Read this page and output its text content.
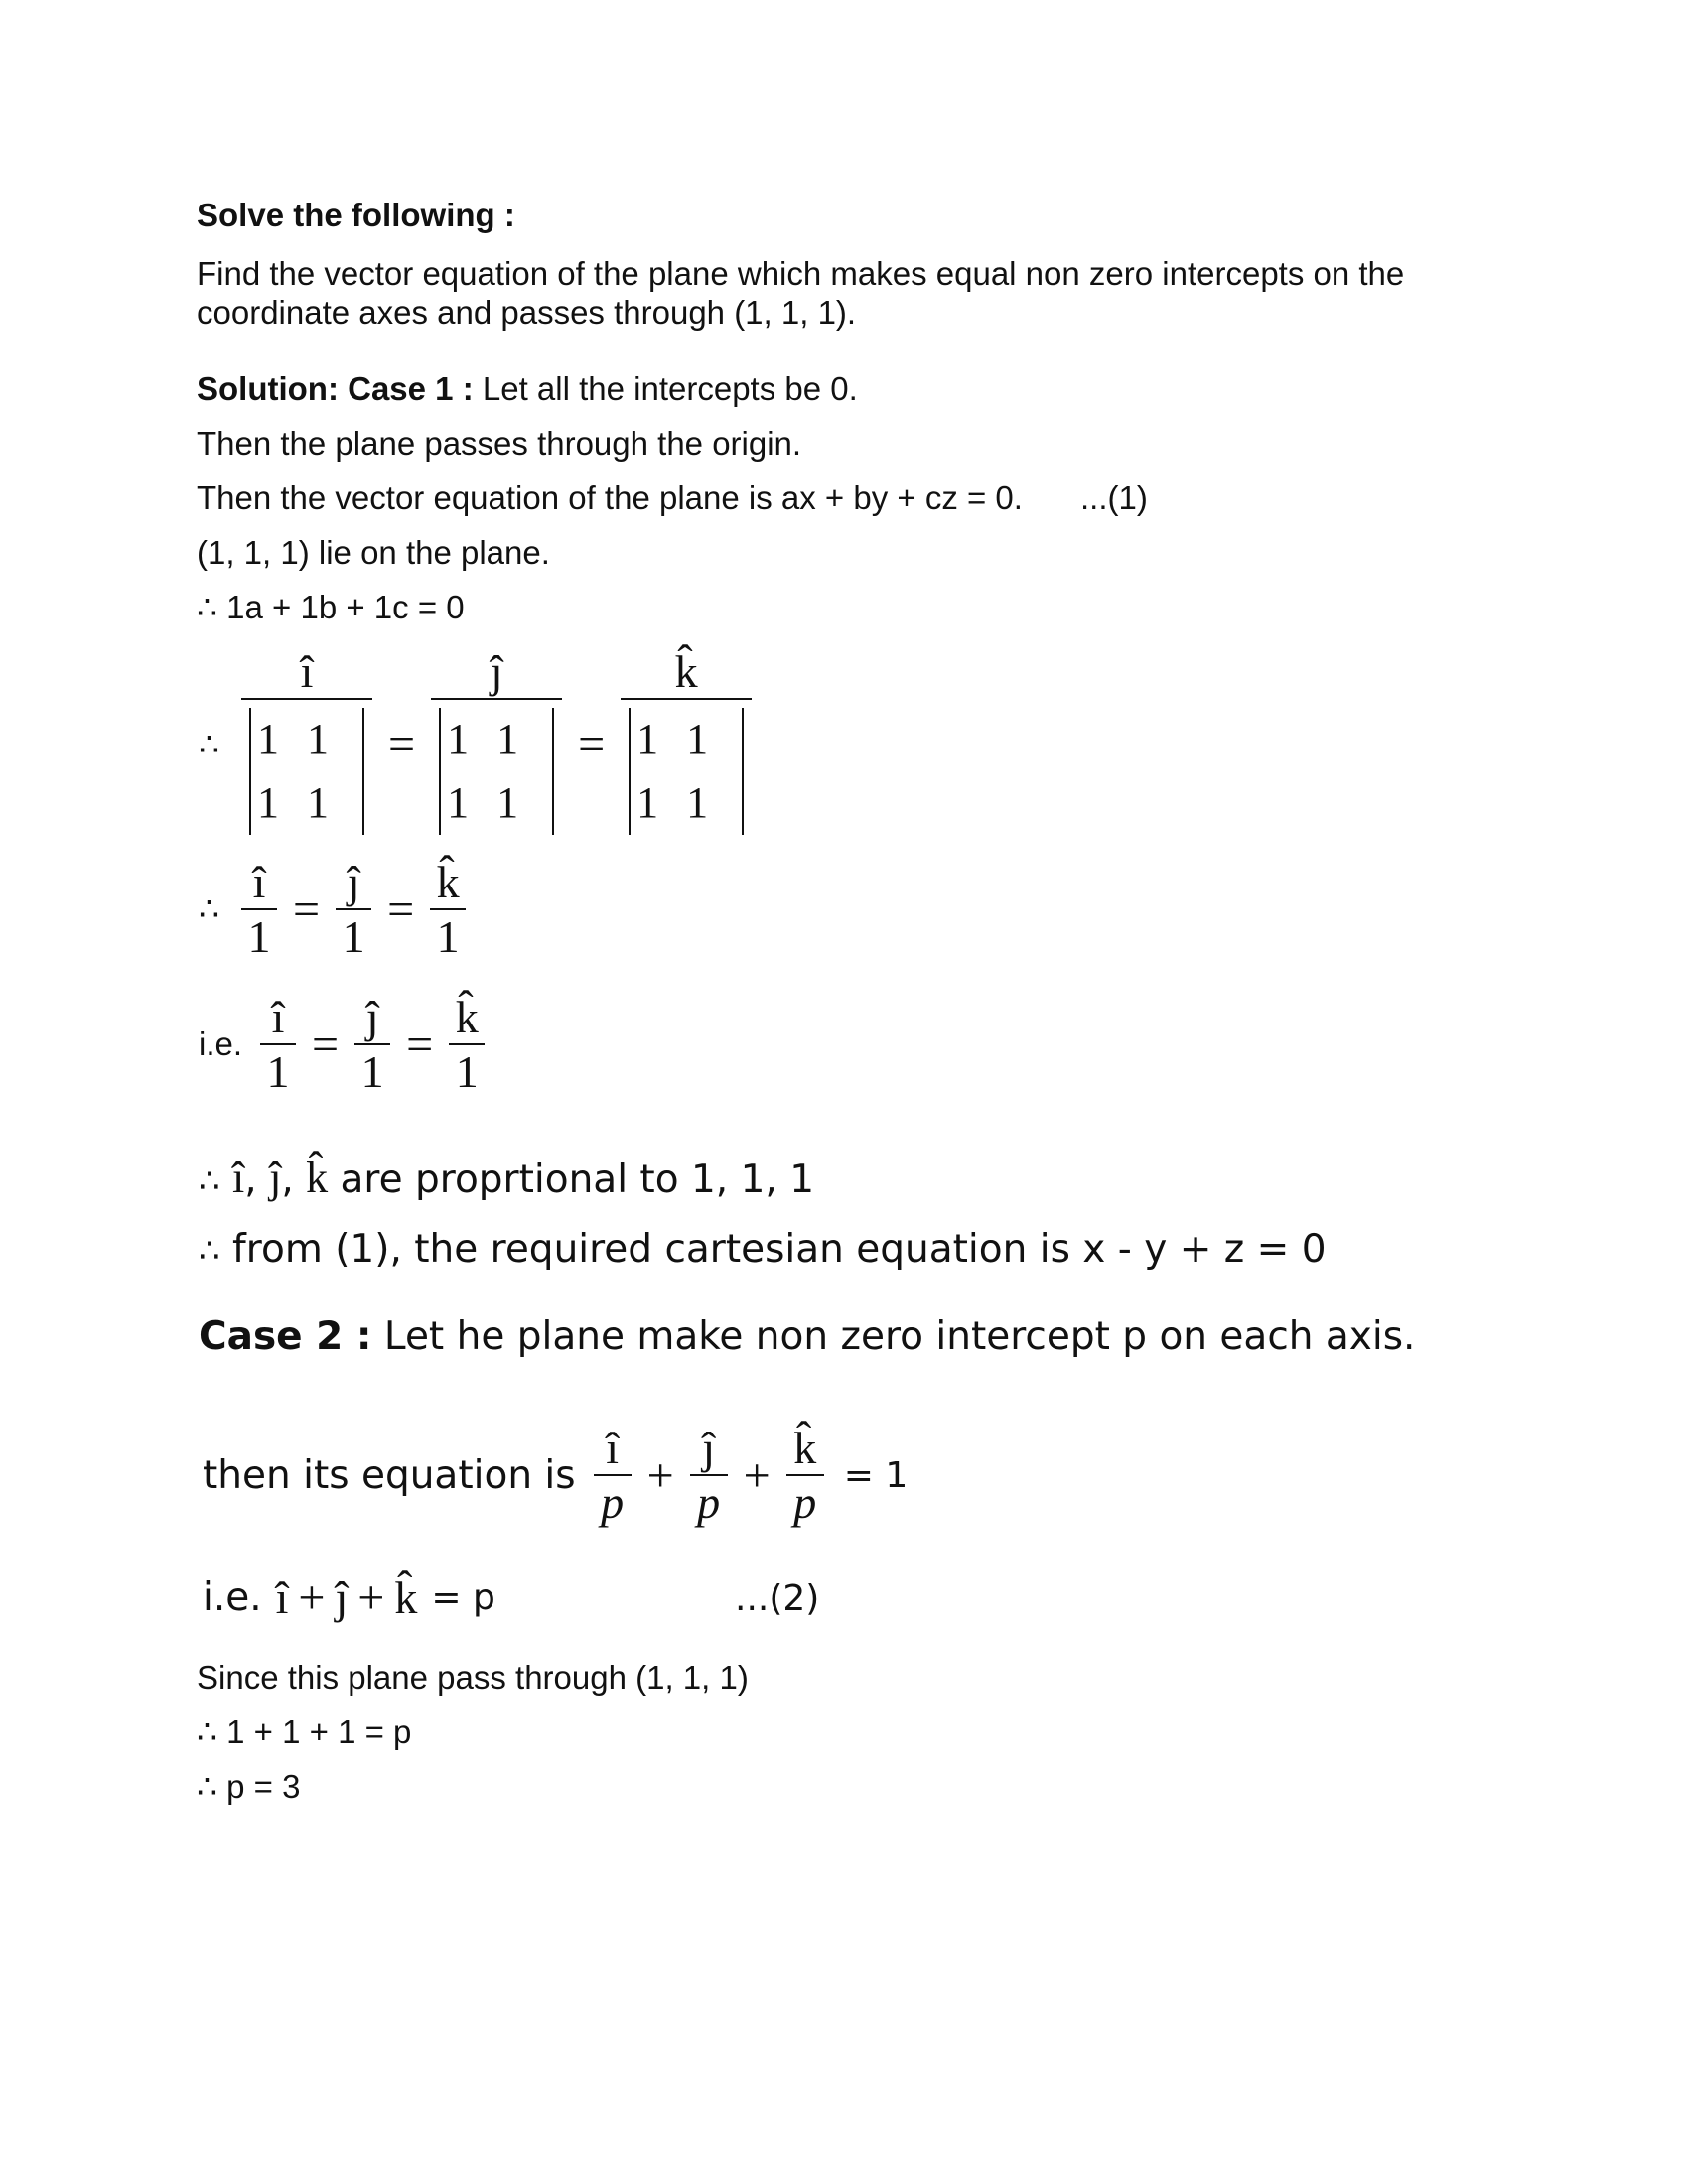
Solve the following :
Find the vector equation of the plane which makes equal non zero intercepts on the
coordinate axes and passes through (1, 1, 1).
Solution: Case 1 : Let all the intercepts be 0.
Then the plane passes through the origin.
Then the vector equation of the plane is ax + by + cz = 0. ...(1)
(1, 1, 1) lie on the plane.
∴ 1a + 1b + 1c = 0
∴
î
1 1
1 1
=
ĵ
1 1
1 1
=
k̂
1 1
1 1
∴ $\frac{î}{1} = \frac{ĵ}{1} = \frac{k̂}{1}$
i.e. $\frac{î}{1} = \frac{ĵ}{1} = \frac{k̂}{1}$
∴ î, ĵ, k̂ are proprtional to 1, 1, 1
∴ from (1), the required cartesian equation is x - y + z = 0
Case 2 : Let he plane make non zero intercept p on each axis.
then its equation is $\frac{î}{p} + \frac{ĵ}{p} + \frac{k̂}{p} = 1$
i.e. î + ĵ + k̂ = p	...(2)
Since this plane pass through (1, 1, 1)
∴ 1 + 1 + 1 = p
∴ p = 3
